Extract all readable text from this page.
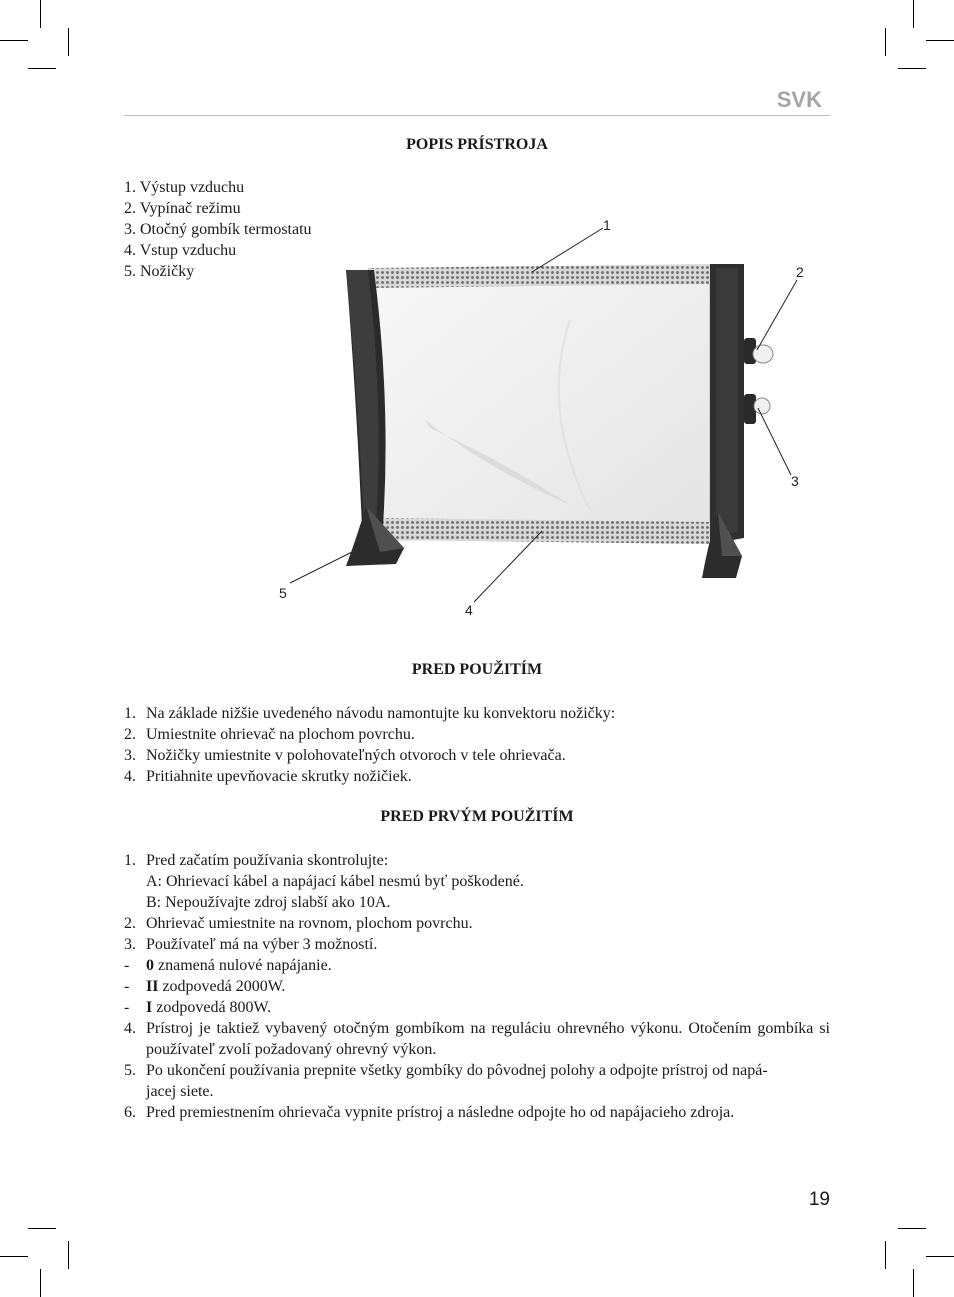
SVK
POPIS PRÍSTROJA
1. Výstup vzduchu
2. Vypínač režimu
3. Otočný gombík termostatu
4. Vstup vzduchu
5. Nožičky
1
2
3
4
5
PRED POUŽITÍM
1. Na základe nižšie uvedeného návodu namontujte ku konvektoru nožičky:
2. Umiestnite ohrievač na plochom povrchu.
3. Nožičky umiestnite v polohovateľných otvoroch v tele ohrievača.
4. Pritiahnite upevňovacie skrutky nožičiek.
PRED PRVÝM POUŽITÍM
1. Pred začatím používania skontrolujte:
A: Ohrievací kábel a napájací kábel nesmú byť poškodené.
B: Nepoužívajte zdroj slabší ako 10A.
2. Ohrievač umiestnite na rovnom, plochom povrchu.
3. Používateľ má na výber 3 možností.
- 0 znamená nulové napájanie.
- II zodpovedá 2000W.
- I zodpovedá 800W.
4. Prístroj je taktiež vybavený otočným gombíkom na reguláciu ohrevného výkonu. Otočením gombíka si používateľ zvolí požadovaný ohrevný výkon.
5. Po ukončení používania prepnite všetky gombíky do pôvodnej polohy a odpojte prístroj od napá-
jacej siete.
6. Pred premiestnením ohrievača vypnite prístroj a následne odpojte ho od napájacieho zdroja.
19
